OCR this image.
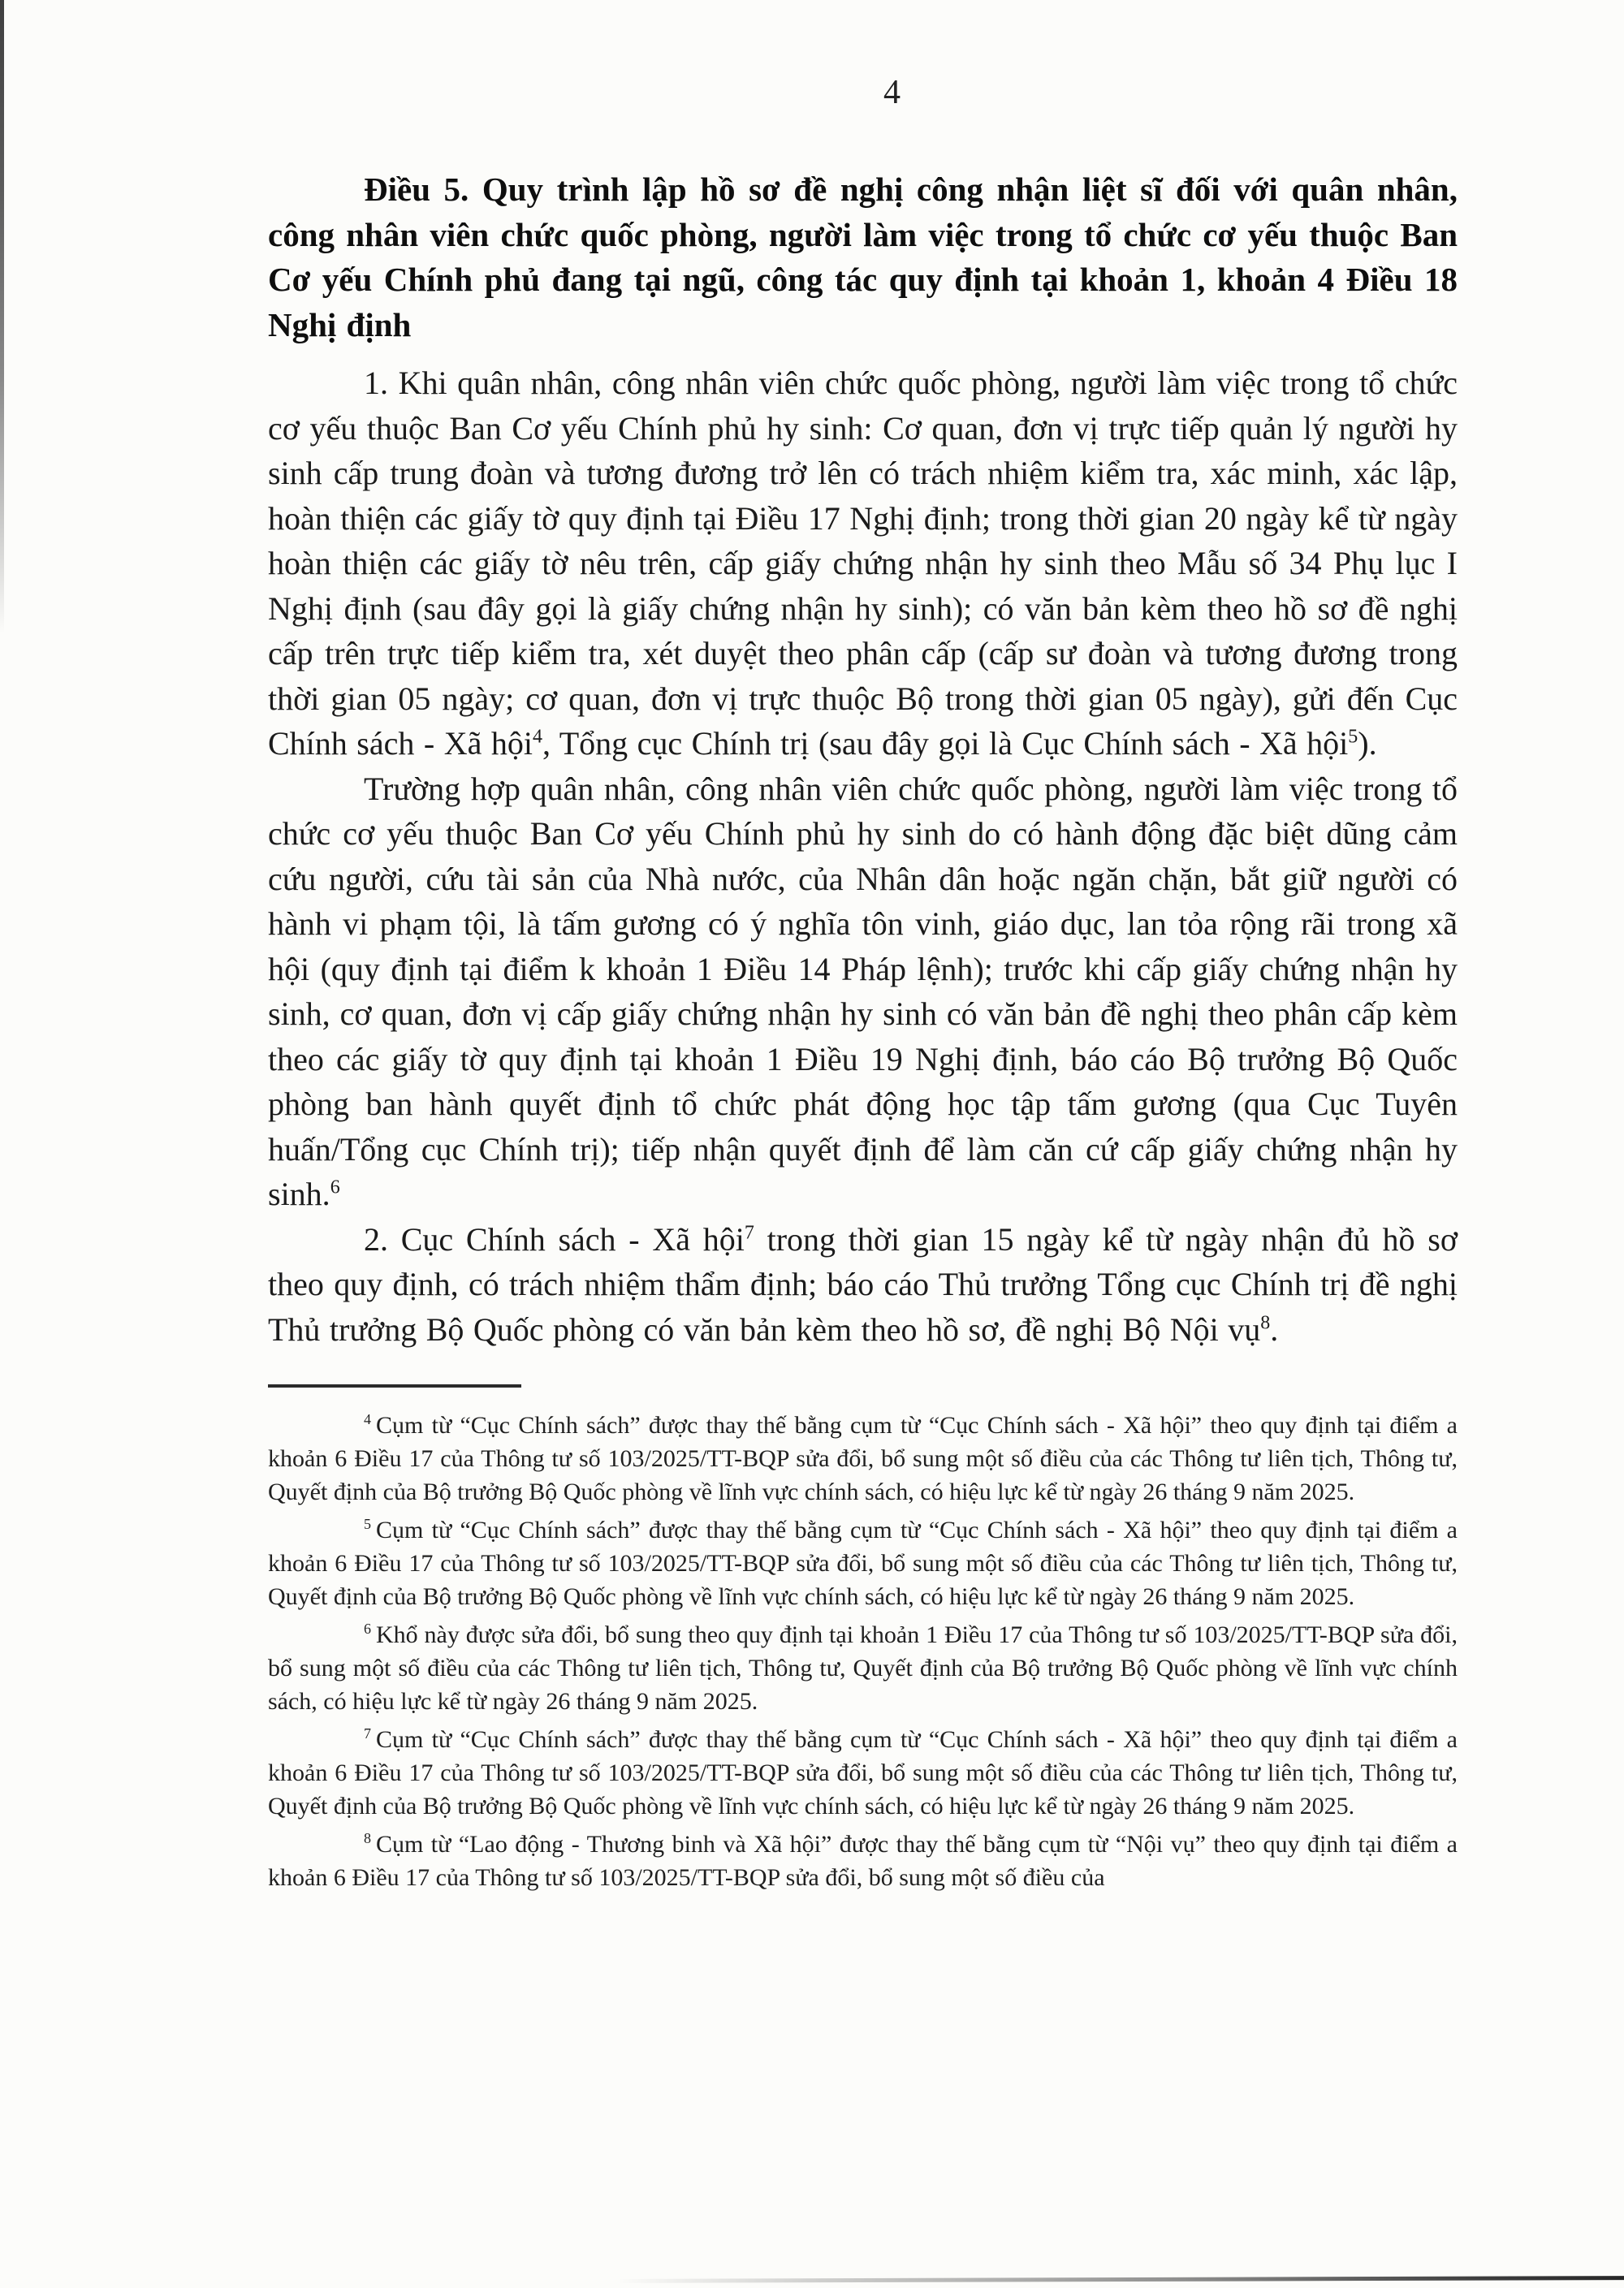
4

Điều 5. Quy trình lập hồ sơ đề nghị công nhận liệt sĩ đối với quân nhân, công nhân viên chức quốc phòng, người làm việc trong tổ chức cơ yếu thuộc Ban Cơ yếu Chính phủ đang tại ngũ, công tác quy định tại khoản 1, khoản 4 Điều 18 Nghị định

1. Khi quân nhân, công nhân viên chức quốc phòng, người làm việc trong tổ chức cơ yếu thuộc Ban Cơ yếu Chính phủ hy sinh: Cơ quan, đơn vị trực tiếp quản lý người hy sinh cấp trung đoàn và tương đương trở lên có trách nhiệm kiểm tra, xác minh, xác lập, hoàn thiện các giấy tờ quy định tại Điều 17 Nghị định; trong thời gian 20 ngày kể từ ngày hoàn thiện các giấy tờ nêu trên, cấp giấy chứng nhận hy sinh theo Mẫu số 34 Phụ lục I Nghị định (sau đây gọi là giấy chứng nhận hy sinh); có văn bản kèm theo hồ sơ đề nghị cấp trên trực tiếp kiểm tra, xét duyệt theo phân cấp (cấp sư đoàn và tương đương trong thời gian 05 ngày; cơ quan, đơn vị trực thuộc Bộ trong thời gian 05 ngày), gửi đến Cục Chính sách - Xã hội$^4$, Tổng cục Chính trị (sau đây gọi là Cục Chính sách - Xã hội$^5$).

Trường hợp quân nhân, công nhân viên chức quốc phòng, người làm việc trong tổ chức cơ yếu thuộc Ban Cơ yếu Chính phủ hy sinh do có hành động đặc biệt dũng cảm cứu người, cứu tài sản của Nhà nước, của Nhân dân hoặc ngăn chặn, bắt giữ người có hành vi phạm tội, là tấm gương có ý nghĩa tôn vinh, giáo dục, lan tỏa rộng rãi trong xã hội (quy định tại điểm k khoản 1 Điều 14 Pháp lệnh); trước khi cấp giấy chứng nhận hy sinh, cơ quan, đơn vị cấp giấy chứng nhận hy sinh có văn bản đề nghị theo phân cấp kèm theo các giấy tờ quy định tại khoản 1 Điều 19 Nghị định, báo cáo Bộ trưởng Bộ Quốc phòng ban hành quyết định tổ chức phát động học tập tấm gương (qua Cục Tuyên huấn/Tổng cục Chính trị); tiếp nhận quyết định để làm căn cứ cấp giấy chứng nhận hy sinh.$^6$

2. Cục Chính sách - Xã hội$^7$ trong thời gian 15 ngày kể từ ngày nhận đủ hồ sơ theo quy định, có trách nhiệm thẩm định; báo cáo Thủ trưởng Tổng cục Chính trị đề nghị Thủ trưởng Bộ Quốc phòng có văn bản kèm theo hồ sơ, đề nghị Bộ Nội vụ$^8$.

$^4$ Cụm từ “Cục Chính sách” được thay thế bằng cụm từ “Cục Chính sách - Xã hội” theo quy định tại điểm a khoản 6 Điều 17 của Thông tư số 103/2025/TT-BQP sửa đổi, bổ sung một số điều của các Thông tư liên tịch, Thông tư, Quyết định của Bộ trưởng Bộ Quốc phòng về lĩnh vực chính sách, có hiệu lực kể từ ngày 26 tháng 9 năm 2025.

$^5$ Cụm từ “Cục Chính sách” được thay thế bằng cụm từ “Cục Chính sách - Xã hội” theo quy định tại điểm a khoản 6 Điều 17 của Thông tư số 103/2025/TT-BQP sửa đổi, bổ sung một số điều của các Thông tư liên tịch, Thông tư, Quyết định của Bộ trưởng Bộ Quốc phòng về lĩnh vực chính sách, có hiệu lực kể từ ngày 26 tháng 9 năm 2025.

$^6$ Khổ này được sửa đổi, bổ sung theo quy định tại khoản 1 Điều 17 của Thông tư số 103/2025/TT-BQP sửa đổi, bổ sung một số điều của các Thông tư liên tịch, Thông tư, Quyết định của Bộ trưởng Bộ Quốc phòng về lĩnh vực chính sách, có hiệu lực kể từ ngày 26 tháng 9 năm 2025.

$^7$ Cụm từ “Cục Chính sách” được thay thế bằng cụm từ “Cục Chính sách - Xã hội” theo quy định tại điểm a khoản 6 Điều 17 của Thông tư số 103/2025/TT-BQP sửa đổi, bổ sung một số điều của các Thông tư liên tịch, Thông tư, Quyết định của Bộ trưởng Bộ Quốc phòng về lĩnh vực chính sách, có hiệu lực kể từ ngày 26 tháng 9 năm 2025.

$^8$ Cụm từ “Lao động - Thương binh và Xã hội” được thay thế bằng cụm từ “Nội vụ” theo quy định tại điểm a khoản 6 Điều 17 của Thông tư số 103/2025/TT-BQP sửa đổi, bổ sung một số điều của
